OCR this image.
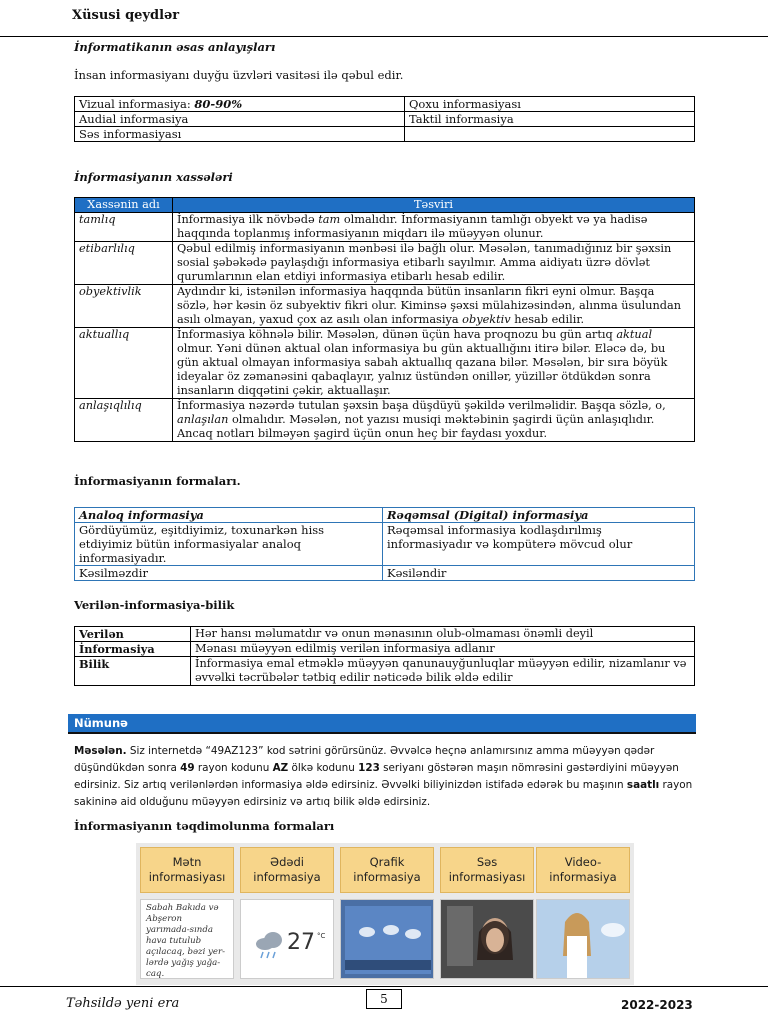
Xüsusi qeydlər
İnformatikanın əsas anlayışları
İnsan informasiyanı duyğu üzvləri vasitəsi ilə qəbul edir.
Vizual informasiya: 80-90%	Qoxu informasiyası
Audial informasiya	Taktil informasiya
Səs informasiyası	
İnformasiyanın xassələri
Xassənin adı	Təsviri
tamlıq	İnformasiya ilk növbədə tam olmalıdır. İnformasiyanın tamlığı obyekt və ya hadisə haqqında toplanmış informasiyanın miqdarı ilə müəyyən olunur.
etibarlılıq	Qəbul edilmiş informasiyanın mənbəsi ilə bağlı olur. Məsələn, tanımadığınız bir şəxsin sosial şəbəkədə paylaşdığı informasiya etibarlı sayılmır. Amma aidiyatı üzrə dövlət qurumlarının elan etdiyi informasiya etibarlı hesab edilir.
obyektivlik	Aydındır ki, istənilən informasiya haqqında bütün insanların fikri eyni olmur. Başqa sözlə, hər kəsin öz subyektiv fikri olur. Kiminsə şəxsi mülahizəsindən, alınma üsulundan asılı olmayan, yaxud çox az asılı olan informasiya obyektiv hesab edilir.
aktuallıq	İnformasiya köhnələ bilir. Məsələn, dünən üçün hava proqnozu bu gün artıq aktual olmur. Yəni dünən aktual olan informasiya bu gün aktuallığını itirə bilər. Eləcə də, bu gün aktual olmayan informasiya sabah aktuallıq qazana bilər. Məsələn, bir sıra böyük ideyalar öz zəmanəsini qabaqlayır, yalnız üstündən onillər, yüzillər ötdükdən sonra insanların diqqətini çəkir, aktuallaşır.
anlaşıqlılıq	İnformasiya nəzərdə tutulan şəxsin başa düşdüyü şəkildə verilməlidir. Başqa sözlə, o, anlaşılan olmalıdır. Məsələn, not yazısı musiqi məktəbinin şagirdi üçün anlaşıqlıdır. Ancaq notları bilməyən şagird üçün onun heç bir faydası yoxdur.
İnformasiyanın formaları.
Analoq informasiya	Rəqəmsal (Digital) informasiya
Gördüyümüz, eşitdiyimiz, toxunarkən hiss etdiyimiz bütün informasiyalar analoq informasiyadır.	Rəqəmsal informasiya kodlaşdırılmış informasiyadır və kompüterə mövcud olur
Kəsilməzdir	Kəsiləndir
Verilən-informasiya-bilik
Verilən	Hər hansı məlumatdır və onun mənasının olub-olmaması önəmli deyil
İnformasiya	Mənası müəyyən edilmiş verilən informasiya adlanır
Bilik	İnformasiya emal etməklə müəyyən qanunauyğunluqlar müəyyən edilir, nizamlanır və əvvəlki təcrübələr tətbiq edilir nəticədə bilik əldə edilir
Nümunə
Məsələn. Siz internetdə “49AZ123” kod sətrini görürsünüz. Əvvəlcə heçnə anlamırsınız amma müəyyən qədər düşündükdən sonra 49 rayon kodunu AZ ölkə kodunu 123 seriyanı göstərən maşın nömrəsini gəstərdiyini müəyyən edirsiniz. Siz artıq verilənlərdən informasiya əldə edirsiniz. Əvvəlki biliyinizdən istifadə edərək bu maşının saatlı rayon sakininə aid olduğunu müəyyən edirsiniz və artıq bilik əldə edirsiniz.
İnformasiyanın təqdimolunma formaları
Mətn informasiyası
Sabah Bakıda və Abşeron yarımada-sında hava tutulub açılacaq, bəzi yer-lərdə yağış yağa-caq.
Ədədi informasiya
27 °C
Qrafik informasiya
Səs informasiyası
Video-informasiya
Təhsildə yeni era	5	2022-2023
